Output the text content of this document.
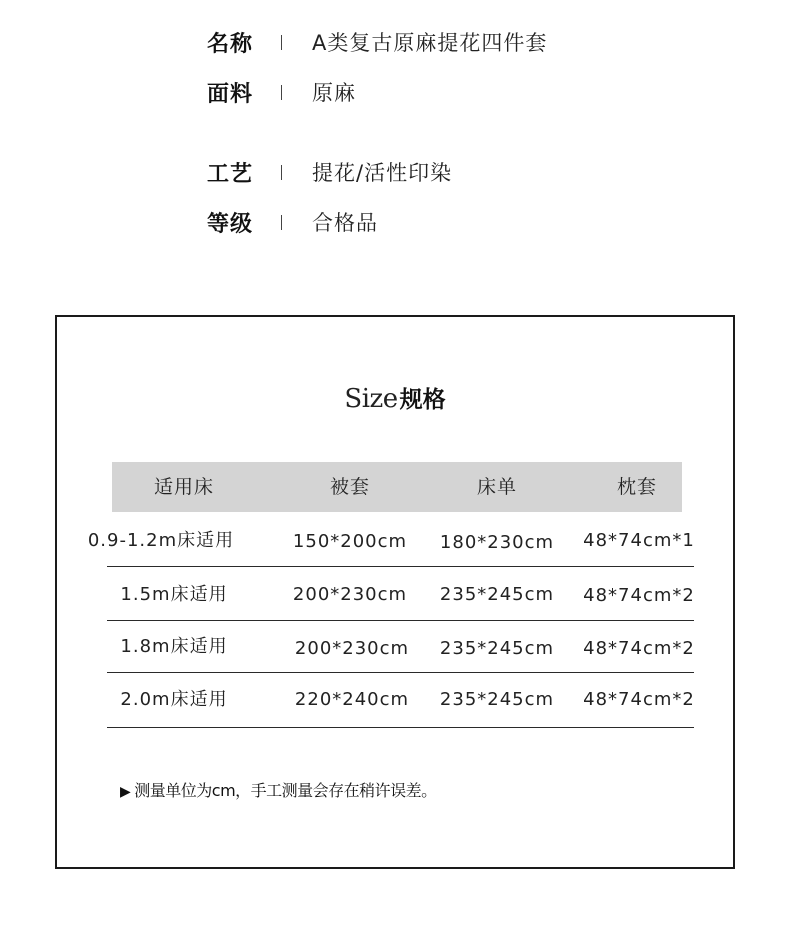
名称	A类复古原麻提花四件套
面料	原麻
工艺	提花/活性印染
等级	合格品
Size规格
适用床	被套	床单	枕套
0.9-1.2m床适用	150*200cm	180*230cm	48*74cm*1
1.5m床适用	200*230cm	235*245cm	48*74cm*2
1.8m床适用	200*230cm	235*245cm	48*74cm*2
2.0m床适用	220*240cm	235*245cm	48*74cm*2
▶ 测量单位为cm，手工测量会存在稍许误差。
